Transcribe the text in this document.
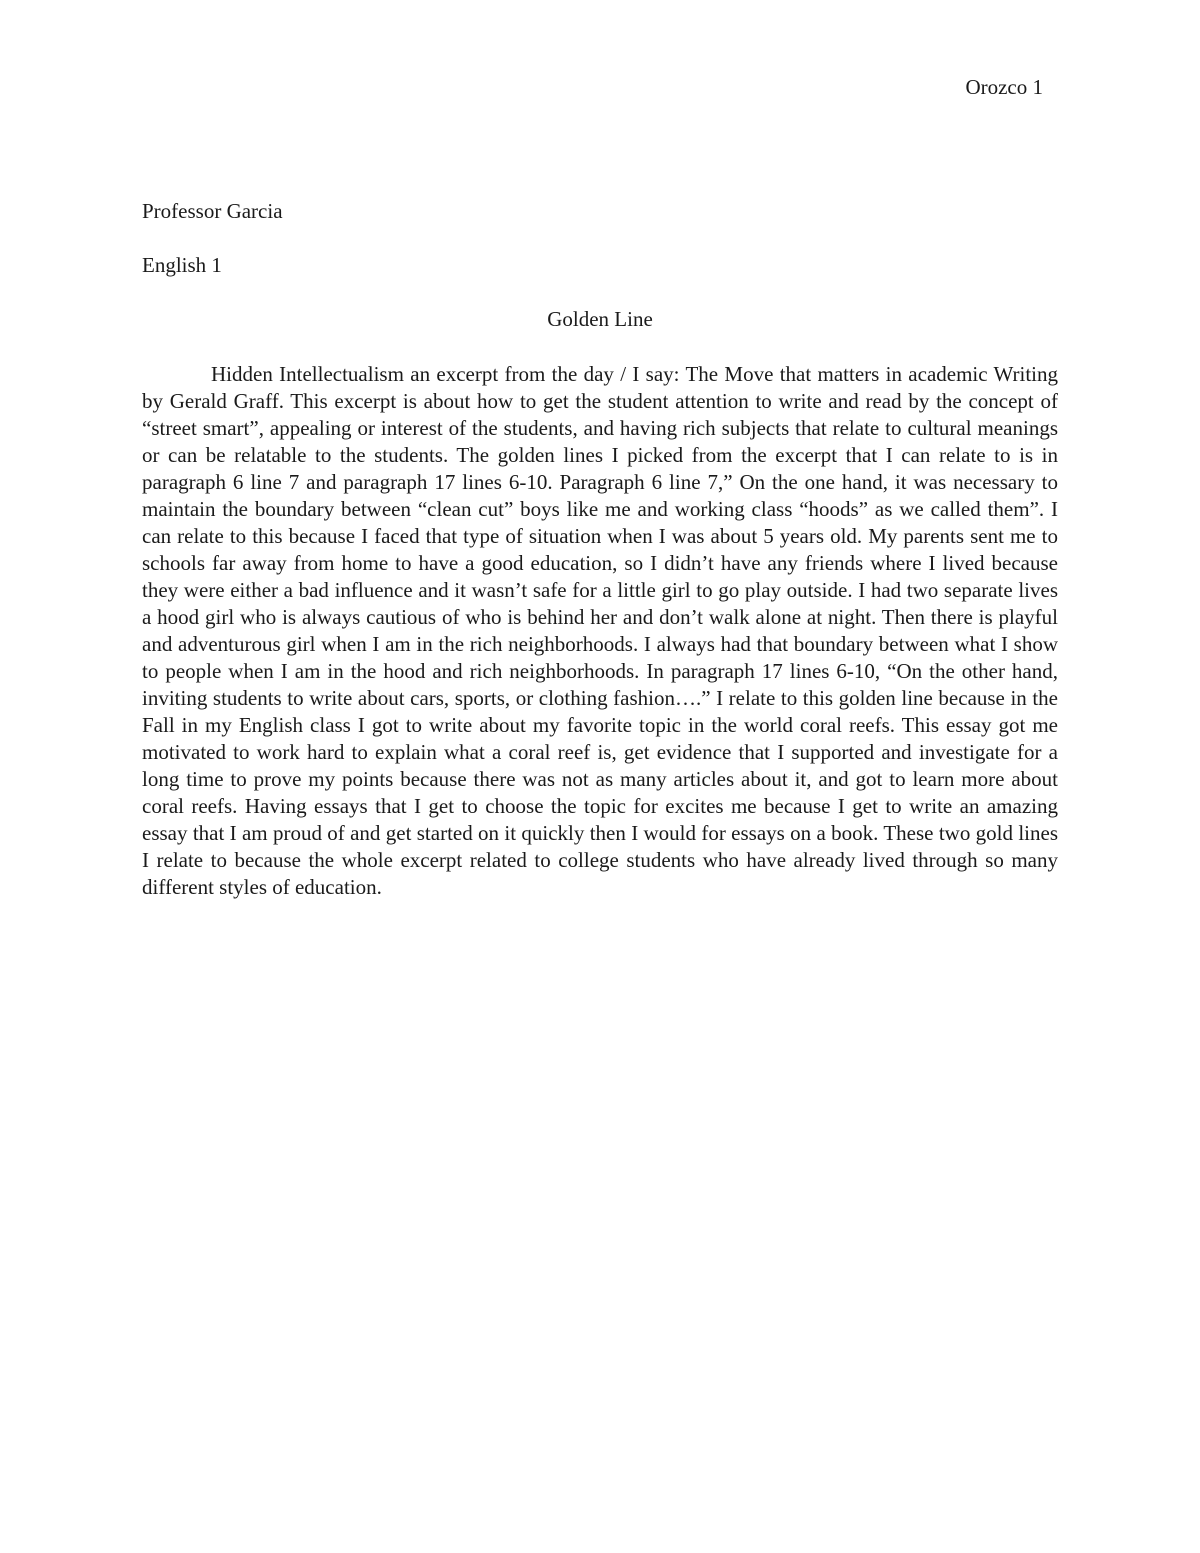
Orozco 1
Professor Garcia
English 1
Golden Line

Hidden Intellectualism an excerpt from the day / I say: The Move that matters in academic Writing by Gerald Graff. This excerpt is about how to get the student attention to write and read by the concept of “street smart”, appealing or interest of the students, and having rich subjects that relate to cultural meanings or can be relatable to the students. The golden lines I picked from the excerpt that I can relate to is in paragraph 6 line 7 and paragraph 17 lines 6-10. Paragraph 6 line 7,” On the one hand, it was necessary to maintain the boundary between “clean cut” boys like me and working class “hoods” as we called them”. I can relate to this because I faced that type of situation when I was about 5 years old. My parents sent me to schools far away from home to have a good education, so I didn’t have any friends where I lived because they were either a bad influence and it wasn’t safe for a little girl to go play outside. I had two separate lives a hood girl who is always cautious of who is behind her and don’t walk alone at night. Then there is playful and adventurous girl when I am in the rich neighborhoods. I always had that boundary between what I show to people when I am in the hood and rich neighborhoods. In paragraph 17 lines 6-10, “On the other hand, inviting students to write about cars, sports, or clothing fashion….” I relate to this golden line because in the Fall in my English class I got to write about my favorite topic in the world coral reefs. This essay got me motivated to work hard to explain what a coral reef is, get evidence that I supported and investigate for a long time to prove my points because there was not as many articles about it, and got to learn more about coral reefs. Having essays that I get to choose the topic for excites me because I get to write an amazing essay that I am proud of and get started on it quickly then I would for essays on a book. These two gold lines I relate to because the whole excerpt related to college students who have already lived through so many different styles of education.
